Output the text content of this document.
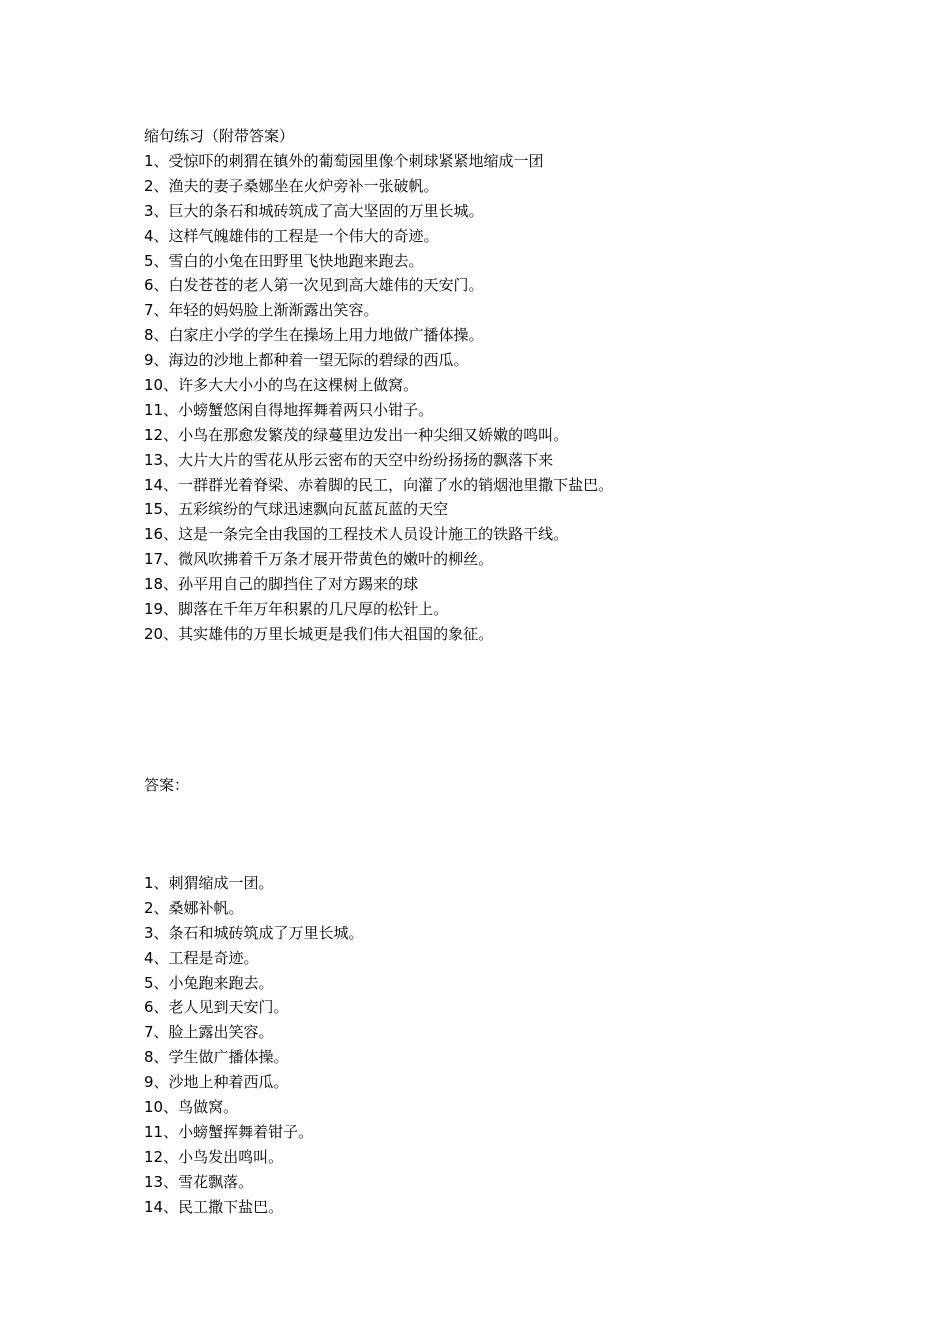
缩句练习（附带答案）
1、受惊吓的刺猬在镇外的葡萄园里像个刺球紧紧地缩成一团
2、渔夫的妻子桑娜坐在火炉旁补一张破帆。
3、巨大的条石和城砖筑成了高大坚固的万里长城。
4、这样气魄雄伟的工程是一个伟大的奇迹。
5、雪白的小兔在田野里飞快地跑来跑去。
6、白发苍苍的老人第一次见到高大雄伟的天安门。
7、年轻的妈妈脸上渐渐露出笑容。
8、白家庄小学的学生在操场上用力地做广播体操。
9、海边的沙地上都种着一望无际的碧绿的西瓜。
10、许多大大小小的鸟在这棵树上做窝。
11、小螃蟹悠闲自得地挥舞着两只小钳子。
12、小鸟在那愈发繁茂的绿蔓里边发出一种尖细又娇嫩的鸣叫。
13、大片大片的雪花从彤云密布的天空中纷纷扬扬的飘落下来
14、一群群光着脊梁、赤着脚的民工，向灌了水的销烟池里撒下盐巴。
15、五彩缤纷的气球迅速飘向瓦蓝瓦蓝的天空
16、这是一条完全由我国的工程技术人员设计施工的铁路干线。
17、微风吹拂着千万条才展开带黄色的嫩叶的柳丝。
18、孙平用自己的脚挡住了对方踢来的球
19、脚落在千年万年积累的几尺厚的松针上。
20、其实雄伟的万里长城更是我们伟大祖国的象征。
答案：
1、刺猬缩成一团。
2、桑娜补帆。
3、条石和城砖筑成了万里长城。
4、工程是奇迹。
5、小兔跑来跑去。
6、老人见到天安门。
7、脸上露出笑容。
8、学生做广播体操。
9、沙地上种着西瓜。
10、鸟做窝。
11、小螃蟹挥舞着钳子。
12、小鸟发出鸣叫。
13、雪花飘落。
14、民工撒下盐巴。
